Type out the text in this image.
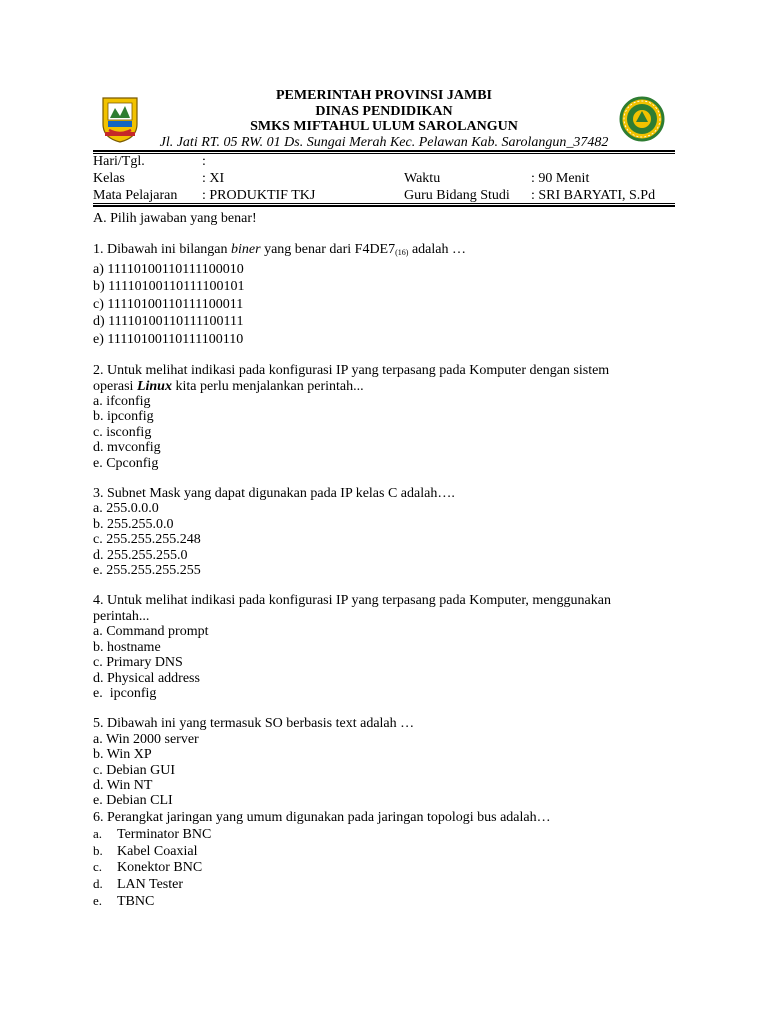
PEMERINTAH PROVINSI JAMBI
DINAS PENDIDIKAN
SMKS MIFTAHUL ULUM SAROLANGUN
Jl. Jati RT. 05 RW. 01 Ds. Sungai Merah Kec. Pelawan Kab. Sarolangun_37482
Hari/Tgl.	:
Kelas	: XI	Waktu	: 90 Menit
Mata Pelajaran : PRODUKTIF TKJ	Guru Bidang Studi : SRI BARYATI, S.Pd
A. Pilih jawaban yang benar!
1. Dibawah ini bilangan biner yang benar dari $F4DE7_{(16)}$ adalah …
a) 11110100110111100010
b) 11110100110111100101
c) 11110100110111100011
d) 11110100110111100111
e) 11110100110111100110
2. Untuk melihat indikasi pada konfigurasi IP yang terpasang pada Komputer dengan sistem
operasi Linux kita perlu menjalankan perintah...
a. ifconfig
b. ipconfig
c. isconfig
d. mvconfig
e. Cpconfig
3. Subnet Mask yang dapat digunakan pada IP kelas C adalah….
a. 255.0.0.0
b. 255.255.0.0
c. 255.255.255.248
d. 255.255.255.0
e. 255.255.255.255
4. Untuk melihat indikasi pada konfigurasi IP yang terpasang pada Komputer, menggunakan
perintah...
a. Command prompt
b. hostname
c. Primary DNS
d. Physical address
e.  ipconfig
5. Dibawah ini yang termasuk SO berbasis text adalah …
a. Win 2000 server
b. Win XP
c. Debian GUI
d. Win NT
e. Debian CLI
6. Perangkat jaringan yang umum digunakan pada jaringan topologi bus adalah…
a. Terminator BNC
b. Kabel Coaxial
c. Konektor BNC
d. LAN Tester
e. TBNC
